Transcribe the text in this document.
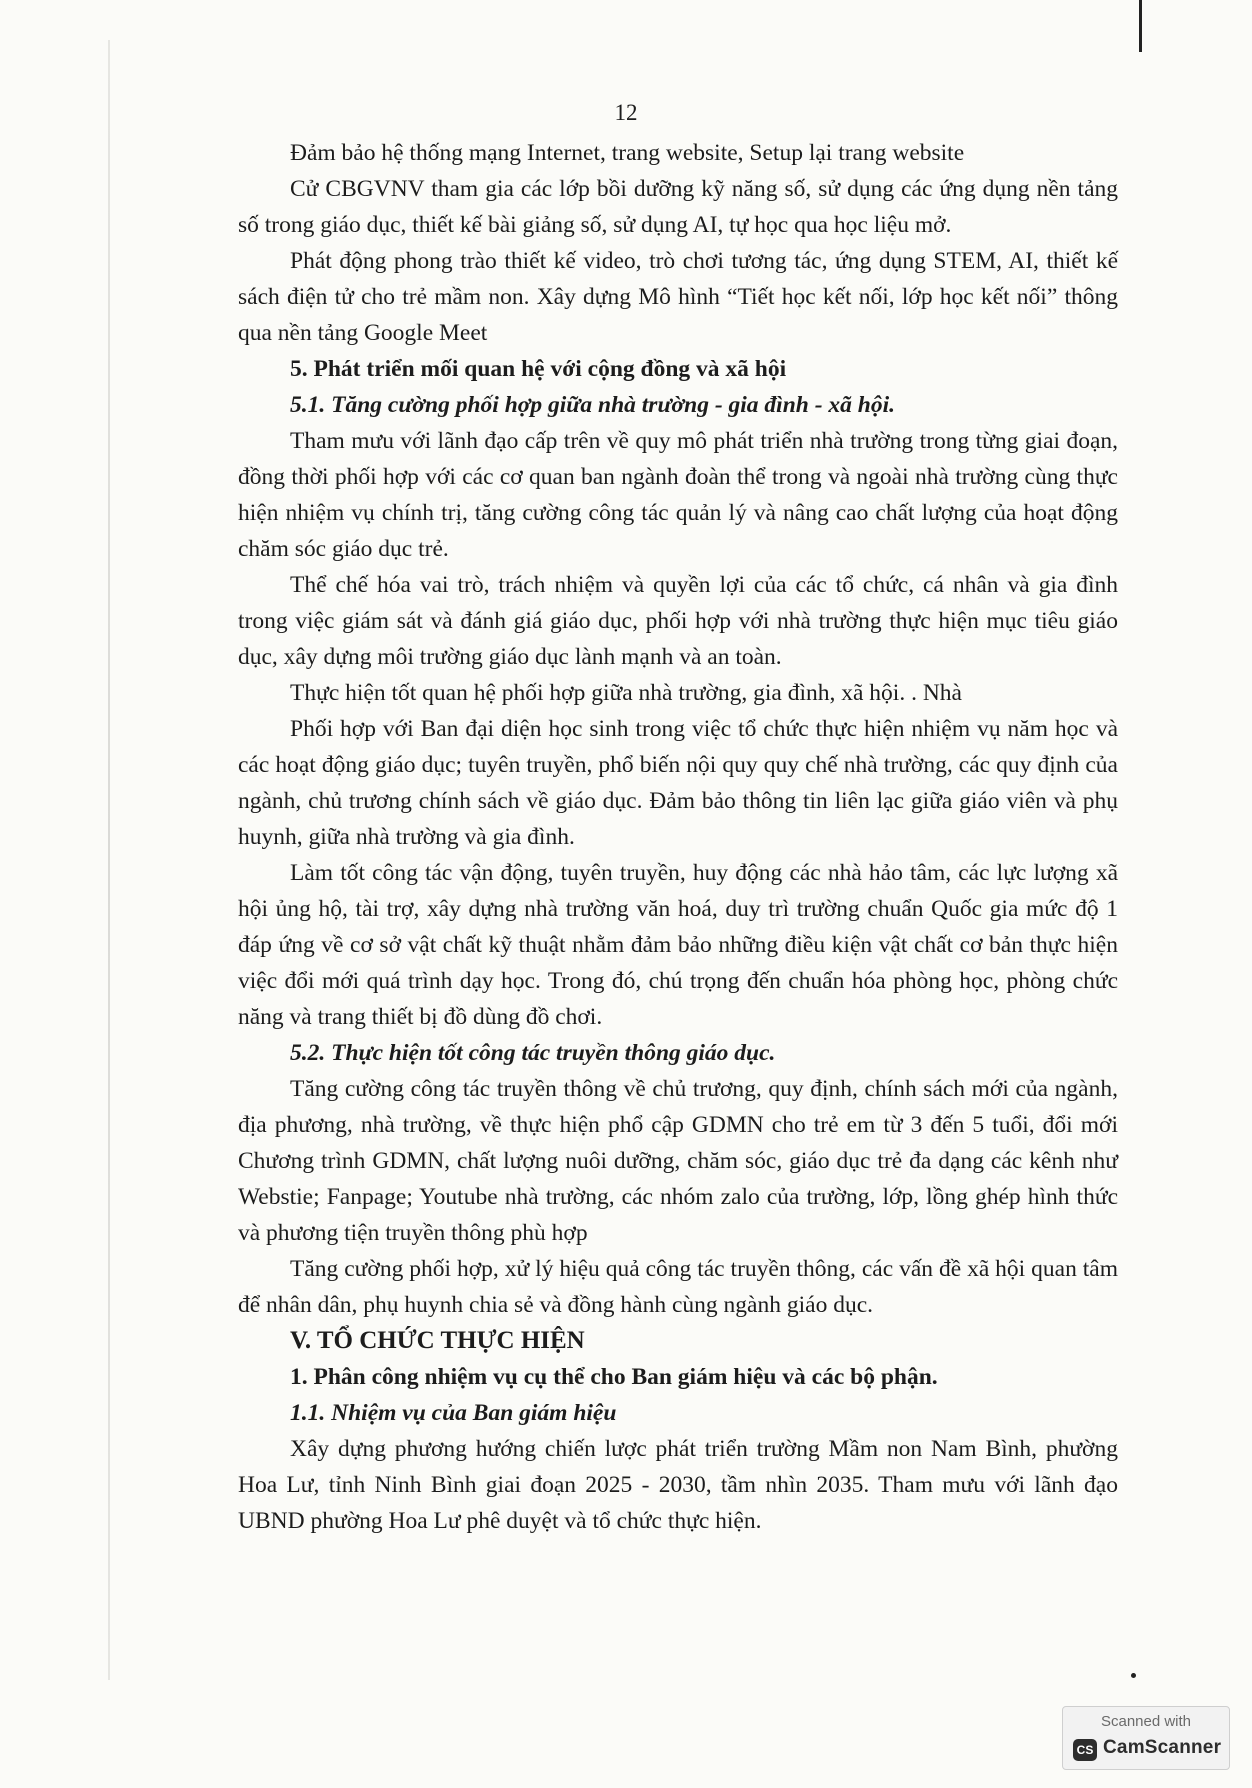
12

Đảm bảo hệ thống mạng Internet, trang website, Setup lại trang website

Cử CBGVNV tham gia các lớp bồi dưỡng kỹ năng số, sử dụng các ứng dụng nền tảng số trong giáo dục, thiết kế bài giảng số, sử dụng AI, tự học qua học liệu mở.

Phát động phong trào thiết kế video, trò chơi tương tác, ứng dụng STEM, AI, thiết kế sách điện tử cho trẻ mầm non. Xây dựng Mô hình “Tiết học kết nối, lớp học kết nối” thông qua nền tảng Google Meet

5. Phát triển mối quan hệ với cộng đồng và xã hội

5.1. Tăng cường phối hợp giữa nhà trường - gia đình - xã hội.

Tham mưu với lãnh đạo cấp trên về quy mô phát triển nhà trường trong từng giai đoạn, đồng thời phối hợp với các cơ quan ban ngành đoàn thể trong và ngoài nhà trường cùng thực hiện nhiệm vụ chính trị, tăng cường công tác quản lý và nâng cao chất lượng của hoạt động chăm sóc giáo dục trẻ.

Thể chế hóa vai trò, trách nhiệm và quyền lợi của các tổ chức, cá nhân và gia đình trong việc giám sát và đánh giá giáo dục, phối hợp với nhà trường thực hiện mục tiêu giáo dục, xây dựng môi trường giáo dục lành mạnh và an toàn.

Thực hiện tốt quan hệ phối hợp giữa nhà trường, gia đình, xã hội. . Nhà

Phối hợp với Ban đại diện học sinh trong việc tổ chức thực hiện nhiệm vụ năm học và các hoạt động giáo dục; tuyên truyền, phổ biến nội quy quy chế nhà trường, các quy định của ngành, chủ trương chính sách về giáo dục. Đảm bảo thông tin liên lạc giữa giáo viên và phụ huynh, giữa nhà trường và gia đình.

Làm tốt công tác vận động, tuyên truyền, huy động các nhà hảo tâm, các lực lượng xã hội ủng hộ, tài trợ, xây dựng nhà trường văn hoá, duy trì trường chuẩn Quốc gia mức độ 1 đáp ứng về cơ sở vật chất kỹ thuật nhằm đảm bảo những điều kiện vật chất cơ bản thực hiện việc đổi mới quá trình dạy học. Trong đó, chú trọng đến chuẩn hóa phòng học, phòng chức năng và trang thiết bị đồ dùng đồ chơi.

5.2. Thực hiện tốt công tác truyền thông giáo dục.

Tăng cường công tác truyền thông về chủ trương, quy định, chính sách mới của ngành, địa phương, nhà trường, về thực hiện phổ cập GDMN cho trẻ em từ 3 đến 5 tuổi, đổi mới Chương trình GDMN, chất lượng nuôi dưỡng, chăm sóc, giáo dục trẻ đa dạng các kênh như Webstie; Fanpage; Youtube nhà trường, các nhóm zalo của trường, lớp, lồng ghép hình thức và phương tiện truyền thông phù hợp

Tăng cường phối hợp, xử lý hiệu quả công tác truyền thông, các vấn đề xã hội quan tâm để nhân dân, phụ huynh chia sẻ và đồng hành cùng ngành giáo dục.

V. TỔ CHỨC THỰC HIỆN

1. Phân công nhiệm vụ cụ thể cho Ban giám hiệu và các bộ phận.

1.1. Nhiệm vụ của Ban giám hiệu

Xây dựng phương hướng chiến lược phát triển trường Mầm non Nam Bình, phường Hoa Lư, tỉnh Ninh Bình giai đoạn 2025 - 2030, tầm nhìn 2035. Tham mưu với lãnh đạo UBND phường Hoa Lư phê duyệt và tổ chức thực hiện.

Scanned with
CS CamScanner
